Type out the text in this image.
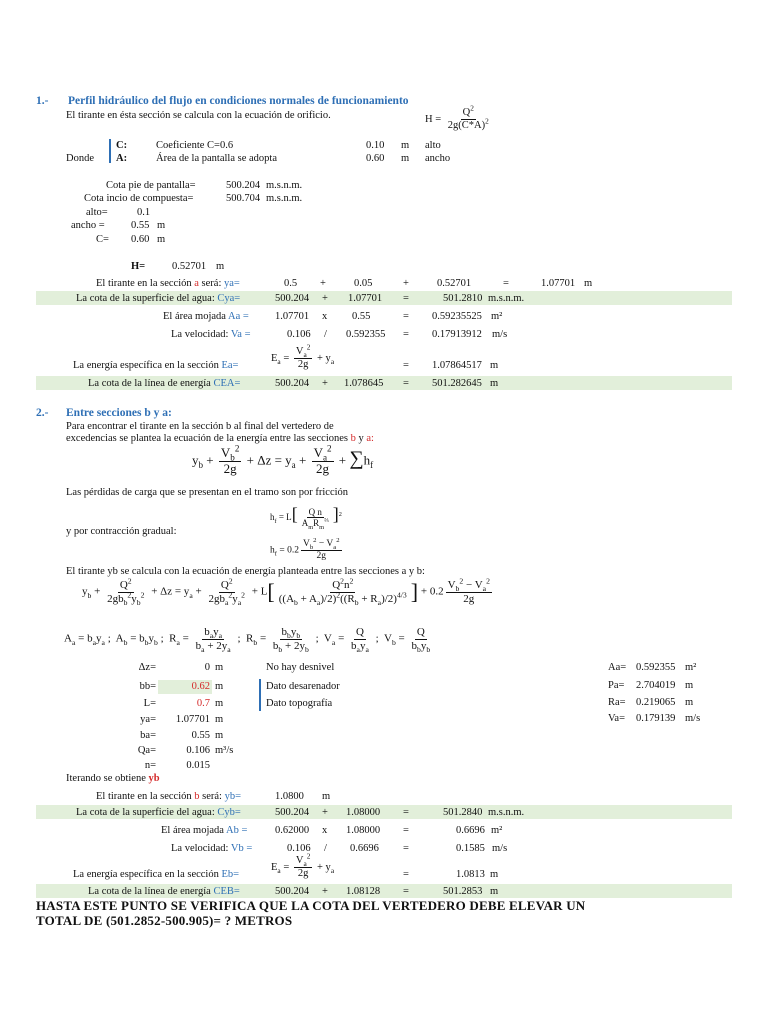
1.- Perfil hidráulico del flujo en condiciones normales de funcionamiento
El tirante en ésta sección se calcula con la ecuación de orificio.	$H = \frac{Q^2}{2g(C*A)^2}$
Donde
C:	Coeficiente C=0.6	0.10 m alto
A:	Área de la pantalla se adopta	0.60 m ancho
Cota pie de pantalla=	500.204 m.s.n.m.
Cota incio de compuesta=	500.704 m.s.n.m.
alto=	0.1
ancho =	0.55 m
C= 0.60 m
H=	0.52701 m
El tirante en la sección a será: ya=	0.5 +	0.05	+	0.52701	=	1.07701 m
La cota de la superficie del agua: Cya=	500.204 + 1.07701 =	501.2810 m.s.n.m.
El área mojada Aa = 1.07701 x 0.55	= 0.59235525 m²
La velocidad: Va =	0.106 / 0.592355 = 0.17913912 m/s
La energía específica en la sección Ea=
$E_a = \frac{V_a^2}{2g} + y_a$	= 1.07864517 m
La cota de la línea de energía CEA=	500.204 + 1.078645 = 501.282645 m
2.- Entre secciones b y a:
Para encontrar el tirante en la sección b al final del vertedero de
excedencias se plantea la ecuación de la energía entre las secciones b y a:
$y_b + \frac{V_b^2}{2g} + \Delta z = y_a + \frac{V_a^2}{2g} + \sum h_f$
Las pérdidas de carga que se presentan en el tramo son por fricción
$h_f = L[ \frac{\text{Q n}}{A_mR_m^{\frac{2}{3}}} ]^2$
y por contracción gradual:
$h_f = 0.2 \frac{V_b^2 - V_a^2}{2g}$
El tirante yb se calcula con la ecuación de energía planteada entre las secciones a y b:
$y_b + \frac{Q^2}{2gb_b^2y_b^2} + \Delta z = y_a + \frac{Q^2}{2gb_a^2y_a^2} + L[ \frac{Q^2n^2}{((A_b + A_a)/2)^2((R_b + R_a)/2)^{4/3}}$ ] + $0.2 \frac{V_b^2 - V_a^2}{2g}$
$A_a = b_ay_a$ ;  $A_b = b_by_b$ ;  $R_a = \frac{b_ay_a}{b_a + 2y_a}$ ;  $R_b = \frac{b_by_b}{b_b + 2y_b}$ ;  $V_a = \frac{Q}{b_ay_a}$ ;  $V_b = \frac{Q}{b_by_b}$
Δz=	0 m
bb=	0.62 m
L=	0.7 m
ya=	1.07701 m
ba=	0.55 m
Qa=	0.106 m³/s
n=	0.015
No hay desnivel
Dato desarenador
Dato topografía
Aa= 0.592355 m²
Pa= 2.704019 m
Ra= 0.219065 m
Va= 0.179139 m/s
Iterando se obtiene yb
El tirante en la sección b será: yb=	1.0800 m
La cota de la superficie del agua: Cyb=	500.204 + 1.08000 =	501.2840 m.s.n.m.
El área mojada Ab =	0.62000 x 1.08000 =	0.6696 m²
La velocidad: Vb =	0.106 / 0.6696 =	0.1585 m/s
La energía específica en la sección Eb=
$E_a = \frac{V_a^2}{2g} + y_a$	=	1.0813 m
La cota de la línea de energía CEB=	500.204 + 1.08128 =	501.2853 m
HASTA ESTE PUNTO SE VERIFICA QUE LA COTA DEL VERTEDERO DEBE ELEVAR UN
TOTAL DE (501.2852-500.905)= ? METROS
